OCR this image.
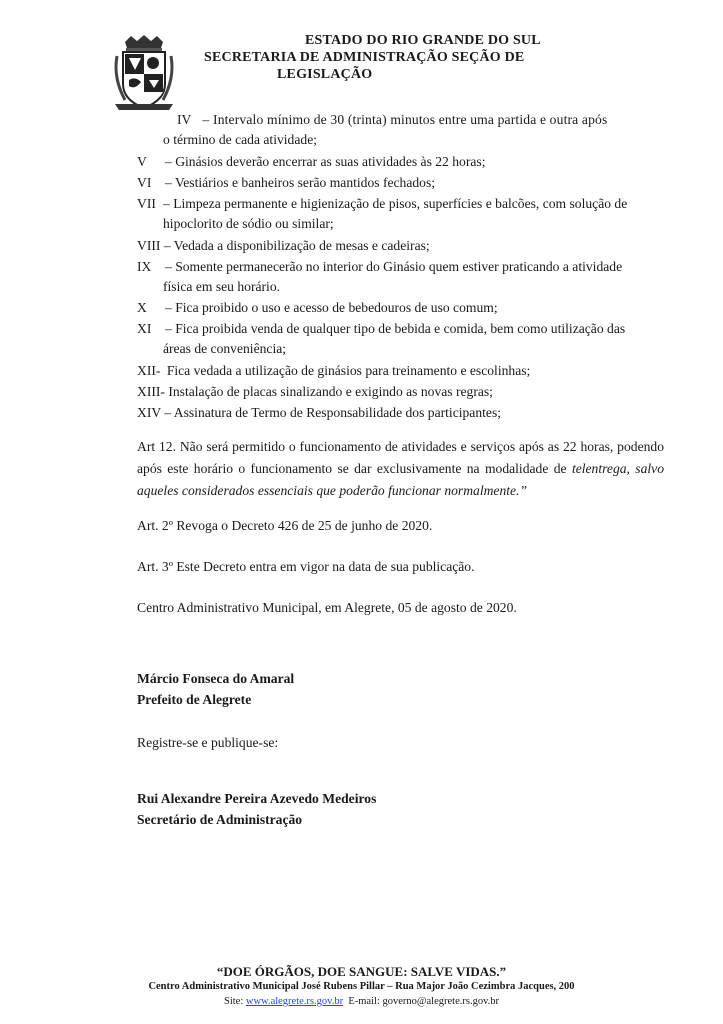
ESTADO DO RIO GRANDE DO SUL
SECRETARIA DE ADMINISTRAÇÃO SEÇÃO DE
LEGISLAÇÃO
IV – Intervalo mínimo de 30 (trinta) minutos entre uma partida e outra após
o término de cada atividade;
V – Ginásios deverão encerrar as suas atividades às 22 horas;
VI – Vestiários e banheiros serão mantidos fechados;
VII – Limpeza permanente e higienização de pisos, superfícies e balcões, com solução de
hipoclorito de sódio ou similar;
VIII – Vedada a disponibilização de mesas e cadeiras;
IX – Somente permanecerão no interior do Ginásio quem estiver praticando a atividade
física em seu horário.
X – Fica proibido o uso e acesso de bebedouros de uso comum;
XI – Fica proibida venda de qualquer tipo de bebida e comida, bem como utilização das
áreas de conveniência;
XII- Fica vedada a utilização de ginásios para treinamento e escolinhas;
XIII- Instalação de placas sinalizando e exigindo as novas regras;
XIV – Assinatura de Termo de Responsabilidade dos participantes;
Art 12. Não será permitido o funcionamento de atividades e serviços após as 22 horas, podendo após este horário o funcionamento se dar exclusivamente na modalidade de telentrega, salvo aqueles considerados essenciais que poderão funcionar normalmente.”
Art. 2º Revoga o Decreto 426 de 25 de junho de 2020.
Art. 3º Este Decreto entra em vigor na data de sua publicação.
Centro Administrativo Municipal, em Alegrete, 05 de agosto de 2020.
Márcio Fonseca do Amaral
Prefeito de Alegrete
Registre-se e publique-se:
Rui Alexandre Pereira Azevedo Medeiros
Secretário de Administração
“DOE ÓRGÃOS, DOE SANGUE: SALVE VIDAS.”
Centro Administrativo Municipal José Rubens Pillar – Rua Major João Cezimbra Jacques, 200
Site: www.alegrete.rs.gov.br E-mail: governo@alegrete.rs.gov.br
